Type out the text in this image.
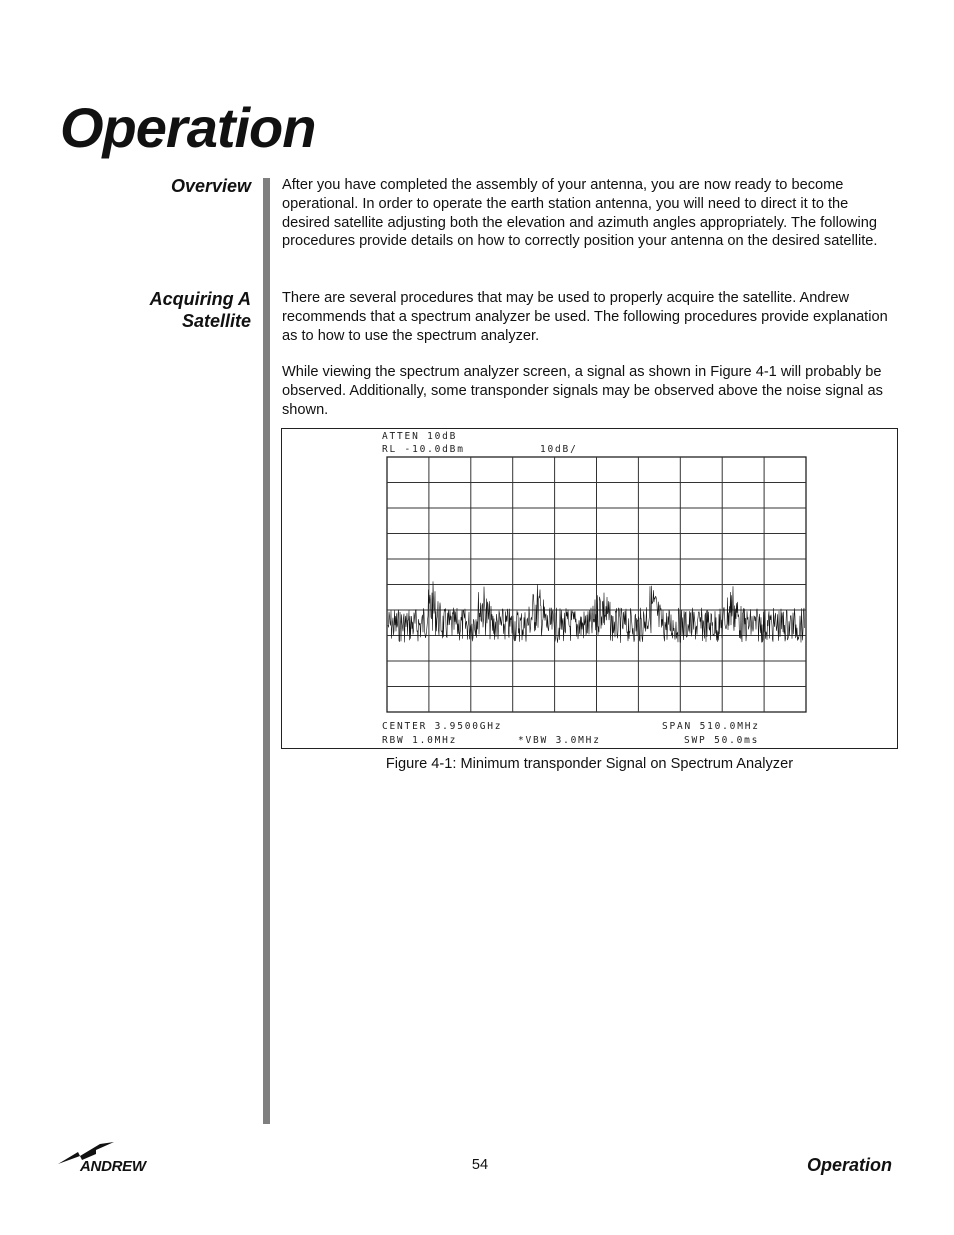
Operation
Overview
Acquiring A
Satellite

After you have completed the assembly of your antenna, you are now ready to become operational. In order to operate the earth station antenna, you will need to direct it to the desired satellite adjusting both the elevation and azimuth angles appropriately. The following procedures provide details on how to correctly position your antenna on the desired satellite.

There are several procedures that may be used to properly acquire the satellite. Andrew recommends that a spectrum analyzer be used. The following procedures provide explanation as to how to use the spectrum analyzer.

While viewing the spectrum analyzer screen, a signal as shown in Figure 4-1 will probably be observed. Additionally, some transponder signals may be observed above the noise signal as shown.

ATTEN 10dB
RL -10.0dBm	10dB/
CENTER 3.9500GHz	SPAN 510.0MHz
RBW 1.0MHz	*VBW 3.0MHz	SWP 50.0ms
Figure 4-1: Minimum transponder Signal on Spectrum Analyzer
ANDREW	54	Operation
